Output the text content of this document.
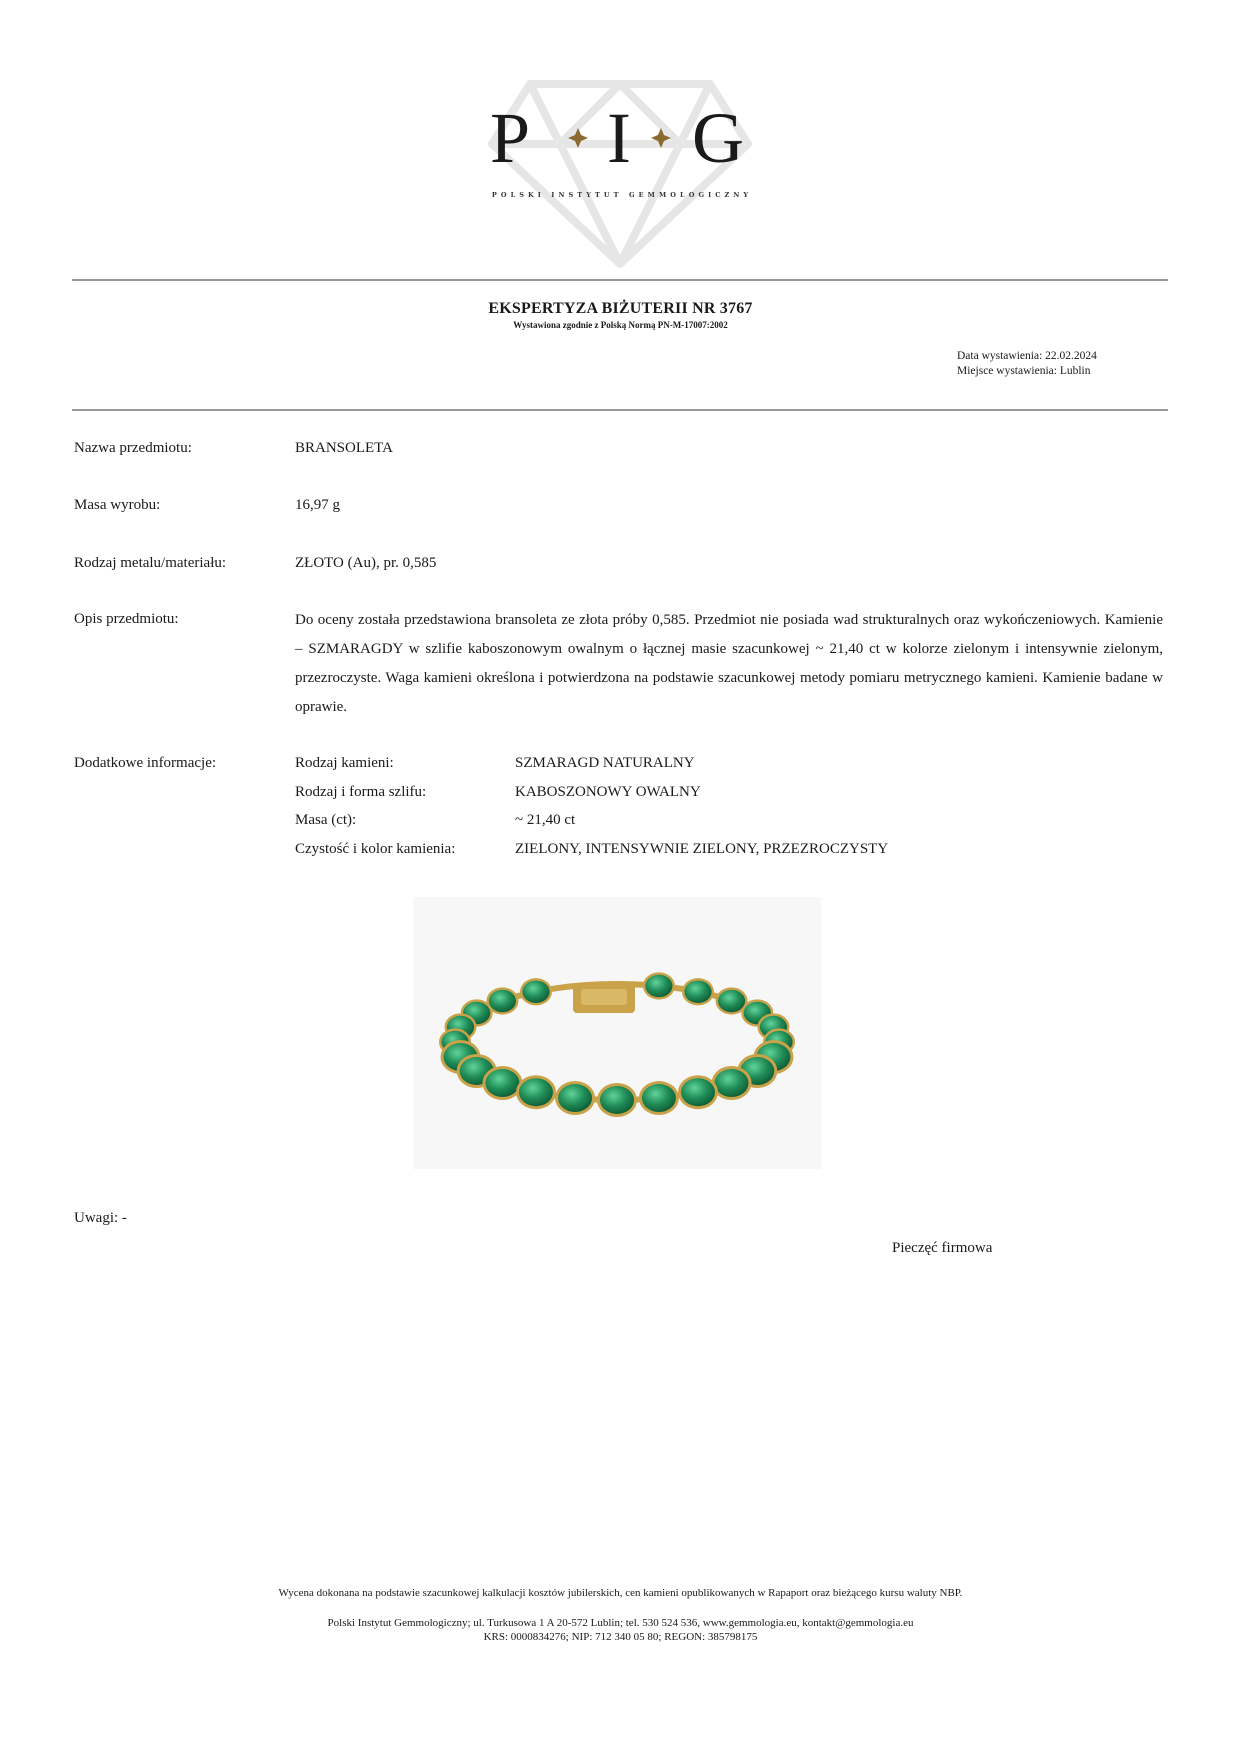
P I G
POLSKI INSTYTUT GEMMOLOGICZNY
EKSPERTYZA BIŻUTERII NR 3767
Wystawiona zgodnie z Polską Normą PN-M-17007:2002
Data wystawienia: 22.02.2024
Miejsce wystawienia: Lublin
Nazwa przedmiotu:	BRANSOLETA
Masa wyrobu:	16,97 g
Rodzaj metalu/materiału:	ZŁOTO (Au), pr. 0,585
Opis przedmiotu:	Do oceny została przedstawiona bransoleta ze złota próby 0,585. Przedmiot nie posiada wad strukturalnych oraz wykończeniowych. Kamienie – SZMARAGDY w szlifie kaboszonowym owalnym o łącznej masie szacunkowej ~ 21,40 ct w kolorze zielonym i intensywnie zielonym, przezroczyste. Waga kamieni określona i potwierdzona na podstawie szacunkowej metody pomiaru metrycznego kamieni. Kamienie badane w oprawie.
Dodatkowe informacje:	Rodzaj kamieni:	SZMARAGD NATURALNY
Rodzaj i forma szlifu:	KABOSZONOWY OWALNY
Masa (ct):	~ 21,40 ct
Czystość i kolor kamienia:	ZIELONY, INTENSYWNIE ZIELONY, PRZEZROCZYSTY
Uwagi: -
Pieczęć firmowa
Wycena dokonana na podstawie szacunkowej kalkulacji kosztów jubilerskich, cen kamieni opublikowanych w Rapaport oraz bieżącego kursu waluty NBP.
Polski Instytut Gemmologiczny; ul. Turkusowa 1 A 20-572 Lublin; tel. 530 524 536, www.gemmologia.eu, kontakt@gemmologia.eu
KRS: 0000834276; NIP: 712 340 05 80; REGON: 385798175
